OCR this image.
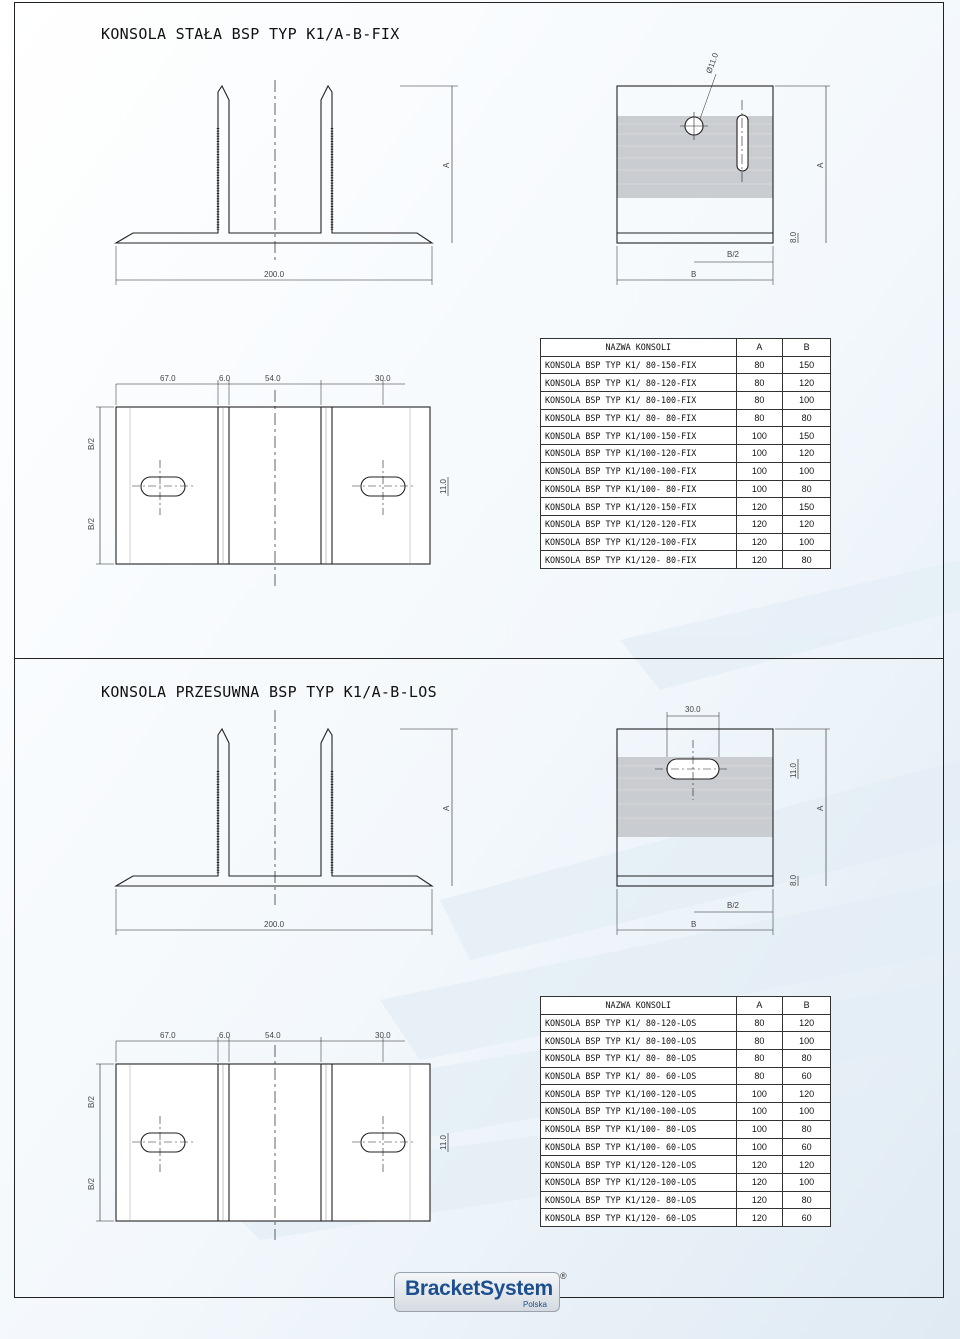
KONSOLA STAŁA BSP TYP K1/A-B-FIX
KONSOLA PRZESUWNA BSP TYP K1/A-B-LOS
200.0
A
Ø11.0
A
8.0
B/2
B
67.0	6.0	54.0	30.0
B/2
B/2
11.0
200.0
A
30.0
11.0
A
8.0
B/2
B
67.0	6.0	54.0	30.0
B/2
B/2
11.0
NAZWA KONSOLI	A	B
KONSOLA BSP TYP K1/ 80-150-FIX	80	150
KONSOLA BSP TYP K1/ 80-120-FIX	80	120
KONSOLA BSP TYP K1/ 80-100-FIX	80	100
KONSOLA BSP TYP K1/ 80- 80-FIX	80	80
KONSOLA BSP TYP K1/100-150-FIX	100	150
KONSOLA BSP TYP K1/100-120-FIX	100	120
KONSOLA BSP TYP K1/100-100-FIX	100	100
KONSOLA BSP TYP K1/100- 80-FIX	100	80
KONSOLA BSP TYP K1/120-150-FIX	120	150
KONSOLA BSP TYP K1/120-120-FIX	120	120
KONSOLA BSP TYP K1/120-100-FIX	120	100
KONSOLA BSP TYP K1/120- 80-FIX	120	80
NAZWA KONSOLI	A	B
KONSOLA BSP TYP K1/ 80-120-LOS	80	120
KONSOLA BSP TYP K1/ 80-100-LOS	80	100
KONSOLA BSP TYP K1/ 80- 80-LOS	80	80
KONSOLA BSP TYP K1/ 80- 60-LOS	80	60
KONSOLA BSP TYP K1/100-120-LOS	100	120
KONSOLA BSP TYP K1/100-100-LOS	100	100
KONSOLA BSP TYP K1/100- 80-LOS	100	80
KONSOLA BSP TYP K1/100- 60-LOS	100	60
KONSOLA BSP TYP K1/120-120-LOS	120	120
KONSOLA BSP TYP K1/120-100-LOS	120	100
KONSOLA BSP TYP K1/120- 80-LOS	120	80
KONSOLA BSP TYP K1/120- 60-LOS	120	60
BracketSystem
Polska
®
